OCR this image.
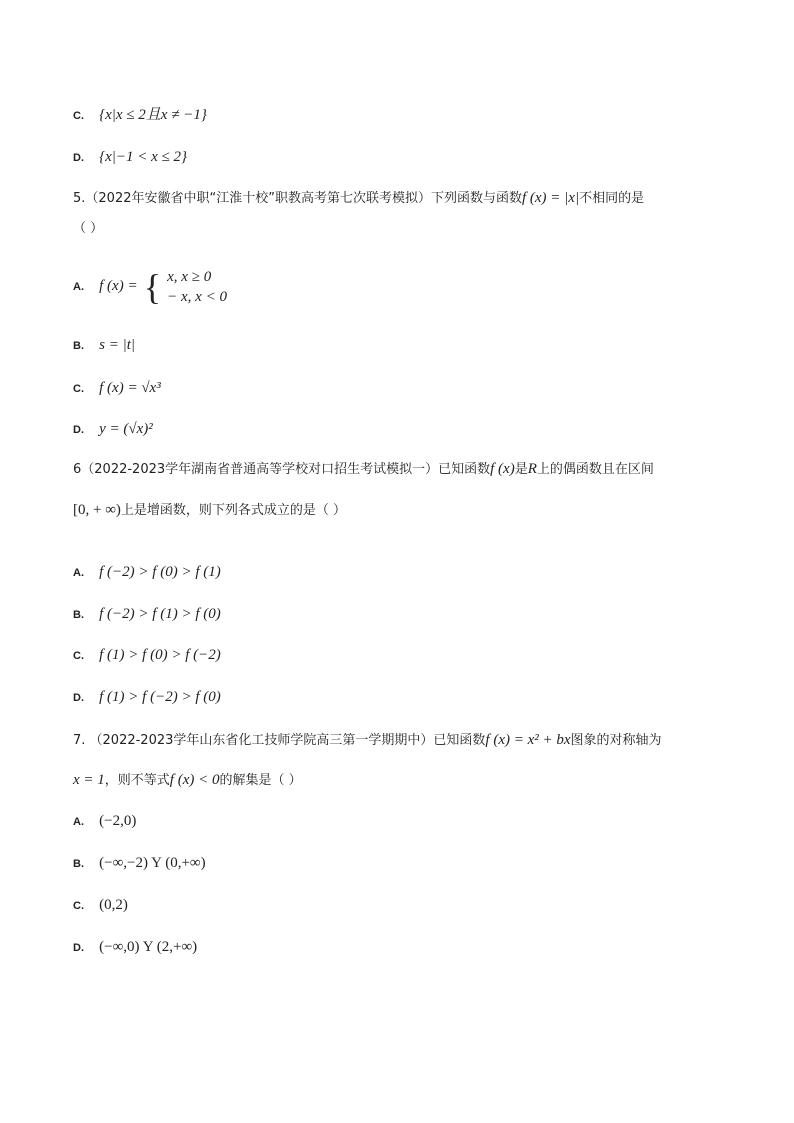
C. {x|x ≤ 2且x ≠ −1}
D. {x|−1 < x ≤ 2}
5.（2022年安徽省中职“江淮十校”职教高考第七次联考模拟）下列函数与函数f (x) = |x|不相同的是
（ ）
A. f (x) = { x, x ≥ 0
− x, x < 0
B. s = |t|
C. f (x) = √x³
D. y = (√x)²
6（2022-2023学年湖南省普通高等学校对口招生考试模拟一）已知函数f (x)是R上的偶函数且在区间
[0, + ∞)上是增函数，则下列各式成立的是（ ）
A. f (−2) > f (0) > f (1)
B. f (−2) > f (1) > f (0)
C. f (1) > f (0) > f (−2)
D. f (1) > f (−2) > f (0)
7. （2022-2023学年山东省化工技师学院高三第一学期期中）已知函数f (x) = x² + bx图象的对称轴为
x = 1，则不等式f (x) < 0的解集是（ ）
A. (−2,0)
B. (−∞,−2) Y (0,+∞)
C. (0,2)
D. (−∞,0) Y (2,+∞)
